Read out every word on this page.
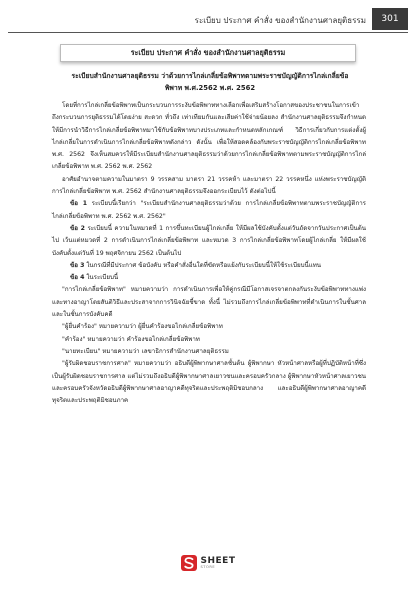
ระเบียบ ประกาศ คำสั่ง ของสำนักงานศาลยุติธรรม	301
ระเบียบ ประกาศ คำสั่ง ของสำนักงานศาลยุติธรรม
ระเบียบสำนักงานศาลยุติธรรม ว่าด้วยการไกล่เกลี่ยข้อพิพาทตามพระราชบัญญัติการไกล่เกลี่ยข้อ
พิพาท พ.ศ.2562 พ.ศ. 2562

โดยที่การไกล่เกลี่ยข้อพิพาทเป็นกระบวนการระงับข้อพิพาททางเลือกเพื่อเสริมสร้างโอกาสของประชาชนในการเข้าถึงกระบวนการยุติธรรมได้โดยง่าย สะดวก ทั่วถึง เท่าเทียมกันและเสียค่าใช้จ่ายน้อยลง สำนักงานศาลยุติธรรมจึงกำหนดให้มีการนำวิธีการไกล่เกลี่ยข้อพิพาทมาใช้กับข้อพิพาทบางประเภทและกำหนดหลักเกณฑ์ วิธีการเกี่ยวกับการแต่งตั้งผู้ไกล่เกลี่ยในการดำเนินการไกล่เกลี่ยข้อพิพาทดังกล่าว ดังนั้น เพื่อให้สอดคล้องกับพระราชบัญญัติการไกล่เกลี่ยข้อพิพาท พ.ศ. 2562 จึงเห็นสมควรให้มีระเบียบสำนักงานศาลยุติธรรมว่าด้วยการไกล่เกลี่ยข้อพิพาทตามพระราชบัญญัติการไกล่เกลี่ยข้อพิพาท พ.ศ. 2562 พ.ศ. 2562

อาศัยอำนาจตามความในมาตรา 9 วรรคสาม มาตรา 21 วรรคห้า และมาตรา 22 วรรคหนึ่ง แห่งพระราชบัญญัติการไกล่เกลี่ยข้อพิพาท พ.ศ. 2562 สำนักงานศาลยุติธรรมจึงออกระเบียบไว้ ดังต่อไปนี้

ข้อ 1 ระเบียบนี้เรียกว่า "ระเบียบสำนักงานศาลยุติธรรมว่าด้วย การไกล่เกลี่ยข้อพิพาทตามพระราชบัญญัติการไกล่เกลี่ยข้อพิพาท พ.ศ. 2562 พ.ศ. 2562"

ข้อ 2 ระเบียบนี้ ความในหมวดที่ 1 การขึ้นทะเบียนผู้ไกล่เกลี่ย ให้มีผลใช้บังคับตั้งแต่วันถัดจากวันประกาศเป็นต้นไป เว้นแต่หมวดที่ 2 การดำเนินการไกล่เกลี่ยข้อพิพาท และหมวด 3 การไกล่เกลี่ยข้อพิพาทโดยผู้ไกล่เกลี่ย ให้มีผลใช้บังคับตั้งแต่วันที่ 19 พฤศจิกายน 2562 เป็นต้นไป

ข้อ 3 ในกรณีที่มีประกาศ ข้อบังคับ หรือคำสั่งอื่นใดที่ขัดหรือแย้งกับระเบียบนี้ให้ใช้ระเบียบนี้แทน

ข้อ 4 ในระเบียบนี้

"การไกล่เกลี่ยข้อพิพาท" หมายความว่า การดำเนินการเพื่อให้คู่กรณีมีโอกาสเจรจาตกลงกันระงับข้อพิพาททางแพ่งและทางอาญาโดยสันติวิธีและประสาจากการวินิจฉัยชี้ขาด ทั้งนี้ ไม่รวมถึงการไกล่เกลี่ยข้อพิพาทที่ดำเนินการในชั้นศาลและในชั้นการบังคับคดี

"ผู้ยื่นคำร้อง" หมายความว่า ผู้ยื่นคำร้องขอไกล่เกลี่ยข้อพิพาท

"คำร้อง" หมายความว่า คำร้องขอไกล่เกลี่ยข้อพิพาท

"นายทะเบียน" หมายความว่า เลขาธิการสำนักงานศาลยุติธรรม

"ผู้รับผิดชอบราชการศาล" หมายความว่า อธิบดีผู้พิพากษาศาลชั้นต้น ผู้พิพากษา หัวหน้าศาลหรือผู้ที่ปฏิบัติหน้าที่ซึ่งเป็นผู้รับผิดชอบราชการศาล แต่ไม่รวมถึงอธิบดีผู้พิพากษาศาลเยาวชนและครอบครัวกลาง ผู้พิพากษาหัวหน้าศาลเยาวชนและครอบครัวจังหวัดอธิบดีผู้พิพากษาศาลอาญาคดีทุจริตและประพฤติมิชอบกลาง และอธิบดีผู้พิพากษาศาลอาญาคดีทุจริตและประพฤติมิชอบภาค

SHEET
STORE
